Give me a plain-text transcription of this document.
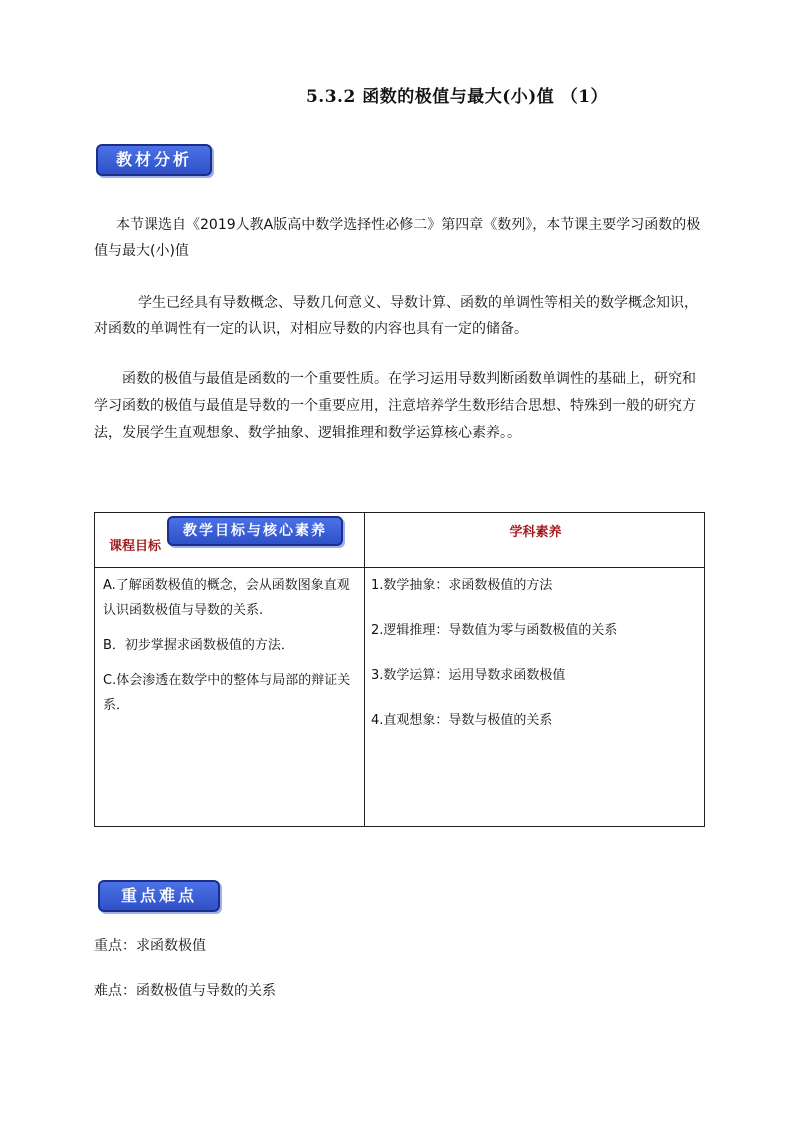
5.3.2 函数的极值与最大(小)值 （1）
教材分析
本节课选自《2019人教A版高中数学选择性必修二》第四章《数列》，本节课主要学习函数的极值与最大(小)值
学生已经具有导数概念、导数几何意义、导数计算、函数的单调性等相关的数学概念知识，对函数的单调性有一定的认识，对相应导数的内容也具有一定的储备。
函数的极值与最值是函数的一个重要性质。在学习运用导数判断函数单调性的基础上，研究和学习函数的极值与最值是导数的一个重要应用，注意培养学生数形结合思想、特殊到一般的研究方法，发展学生直观想象、数学抽象、逻辑推理和数学运算核心素养。。
课程目标
教学目标与核心素养	学科素养

A.了解函数极值的概念，会从函数图象直观认识函数极值与导数的关系.

B．初步掌握求函数极值的方法．

C.体会渗透在数学中的整体与局部的辩证关系．

1.数学抽象：求函数极值的方法

2.逻辑推理：导数值为零与函数极值的关系

3.数学运算：运用导数求函数极值

4.直观想象：导数与极值的关系

重点难点
重点：求函数极值
难点：函数极值与导数的关系
